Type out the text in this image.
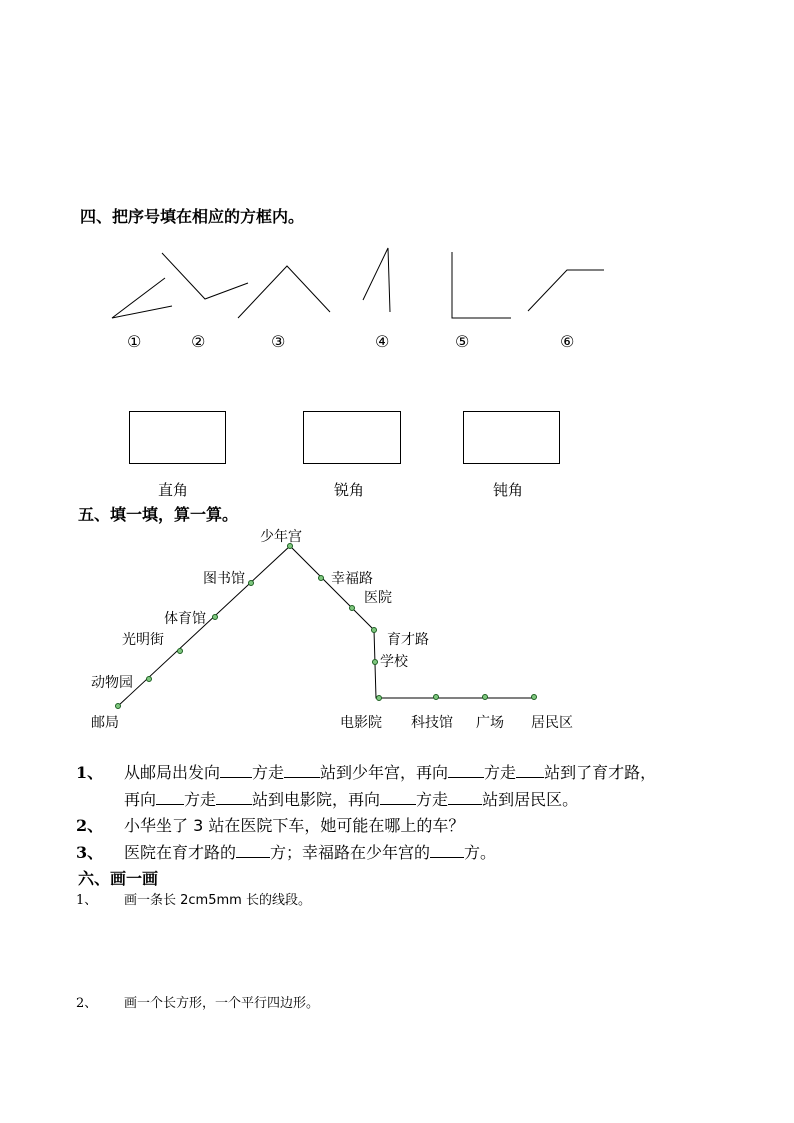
四、把序号填在相应的方框内。
①	②	③	④	⑤	⑥
直角	锐角	钝角
五、填一填，算一算。
邮局
动物园
光明街
体育馆
图书馆
少年宫
幸福路
医院
育才路
学校
电影院 科技馆 广场 居民区
1、 从邮局出发向 方走 站到少年宫，再向 方走 站到了育才路，
再向 方走 站到电影院，再向 方走 站到居民区。
2、 小华坐了 3 站在医院下车，她可能在哪上的车？
3、 医院在育才路的 方；幸福路在少年宫的 方。
六、画一画
1、 画一条长 2cm5mm 长的线段。
2、 画一个长方形，一个平行四边形。
